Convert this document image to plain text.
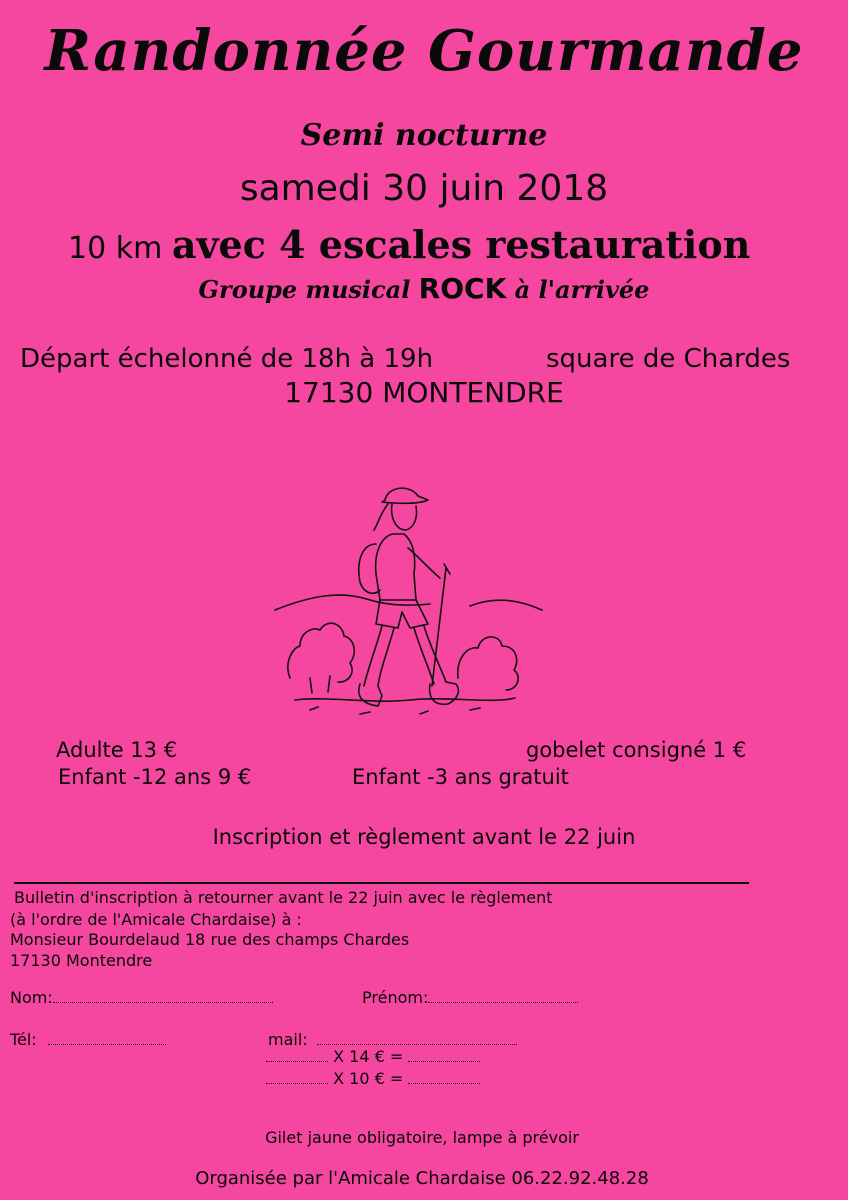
Randonnée Gourmande
Semi nocturne
samedi 30 juin 2018
10 km avec 4 escales restauration
Groupe musical ROCK à l'arrivée
Départ échelonné de 18h à 19h	square de Chardes
17130 MONTENDRE
Adulte 13 €	gobelet consigné 1 €
Enfant -12 ans 9 €	Enfant -3 ans gratuit
Inscription et règlement avant le 22 juin
Bulletin d'inscription à retourner avant le 22 juin avec le règlement
(à l'ordre de l'Amicale Chardaise) à :
Monsieur Bourdelaud 18 rue des champs Chardes
17130 Montendre
Nom:	Prénom:
Tél:	mail:
X 14 € =
X 10 € =
Gilet jaune obligatoire, lampe à prévoir
Organisée par l'Amicale Chardaise 06.22.92.48.28
